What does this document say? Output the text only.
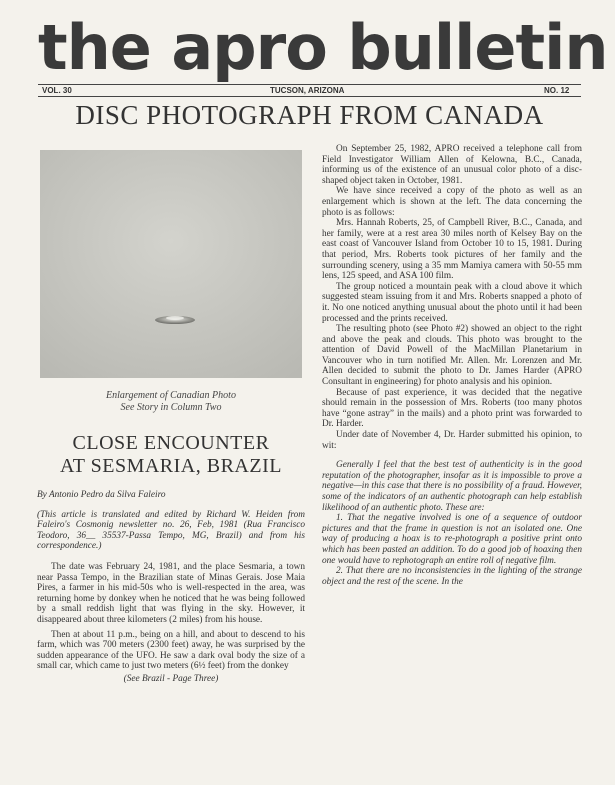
the apro bulletin
VOL. 30	TUCSON, ARIZONA	NO. 12
DISC PHOTOGRAPH FROM CANADA
Enlargement of Canadian Photo
See Story in Column Two
CLOSE ENCOUNTER
AT SESMARIA, BRAZIL

By Antonio Pedro da Silva Faleiro

(This article is translated and edited by Richard W. Heiden from Faleiro's Cosmonig newsletter no. 26, Feb, 1981 (Rua Francisco Teodoro, 36__ 35537-Passa Tempo, MG, Brazil) and from his correspondence.)

The date was February 24, 1981, and the place Sesmaria, a town near Passa Tempo, in the Brazilian state of Minas Gerais. Jose Maia Pires, a farmer in his mid-50s who is well-respected in the area, was returning home by donkey when he noticed that he was being followed by a small reddish light that was flying in the sky. However, it disappeared about three kilometers (2 miles) from his house.

Then at about 11 p.m., being on a hill, and about to descend to his farm, which was 700 meters (2300 feet) away, he was surprised by the sudden appearance of the UFO. He saw a dark oval body the size of a small car, which came to just two meters (6½ feet) from the donkey

(See Brazil - Page Three)

On September 25, 1982, APRO received a telephone call from Field Investigator William Allen of Kelowna, B.C., Canada, informing us of the existence of an unusual color photo of a disc-shaped object taken in October, 1981.

We have since received a copy of the photo as well as an enlargement which is shown at the left. The data concerning the photo is as follows:

Mrs. Hannah Roberts, 25, of Campbell River, B.C., Canada, and her family, were at a rest area 30 miles north of Kelsey Bay on the east coast of Vancouver Island from October 10 to 15, 1981. During that period, Mrs. Roberts took pictures of her family and the surrounding scenery, using a 35 mm Mamiya camera with 50-55 mm lens, 125 speed, and ASA 100 film.

The group noticed a mountain peak with a cloud above it which suggested steam issuing from it and Mrs. Roberts snapped a photo of it. No one noticed anything unusual about the photo until it had been processed and the prints received.

The resulting photo (see Photo #2) showed an object to the right and above the peak and clouds. This photo was brought to the attention of David Powell of the MacMillan Planetarium in Vancouver who in turn notified Mr. Allen. Mr. Lorenzen and Mr. Allen decided to submit the photo to Dr. James Harder (APRO Consultant in engineering) for photo analysis and his opinion.

Because of past experience, it was decided that the negative should remain in the possession of Mrs. Roberts (too many photos have “gone astray” in the mails) and a photo print was forwarded to Dr. Harder.

Under date of November 4, Dr. Harder submitted his opinion, to wit:

Generally I feel that the best test of authenticity is in the good reputation of the photographer, insofar as it is impossible to prove a negative—in this case that there is no possibility of a fraud. However, some of the indicators of an authentic photograph can help establish likelihood of an authentic photo. These are:

1. That the negative involved is one of a sequence of outdoor pictures and that the frame in question is not an isolated one. One way of producing a hoax is to re-photograph a positive print onto which has been pasted an addition. To do a good job of hoaxing then one would have to rephotograph an entire roll of negative film.

2. That there are no inconsistencies in the lighting of the strange object and the rest of the scene. In the
